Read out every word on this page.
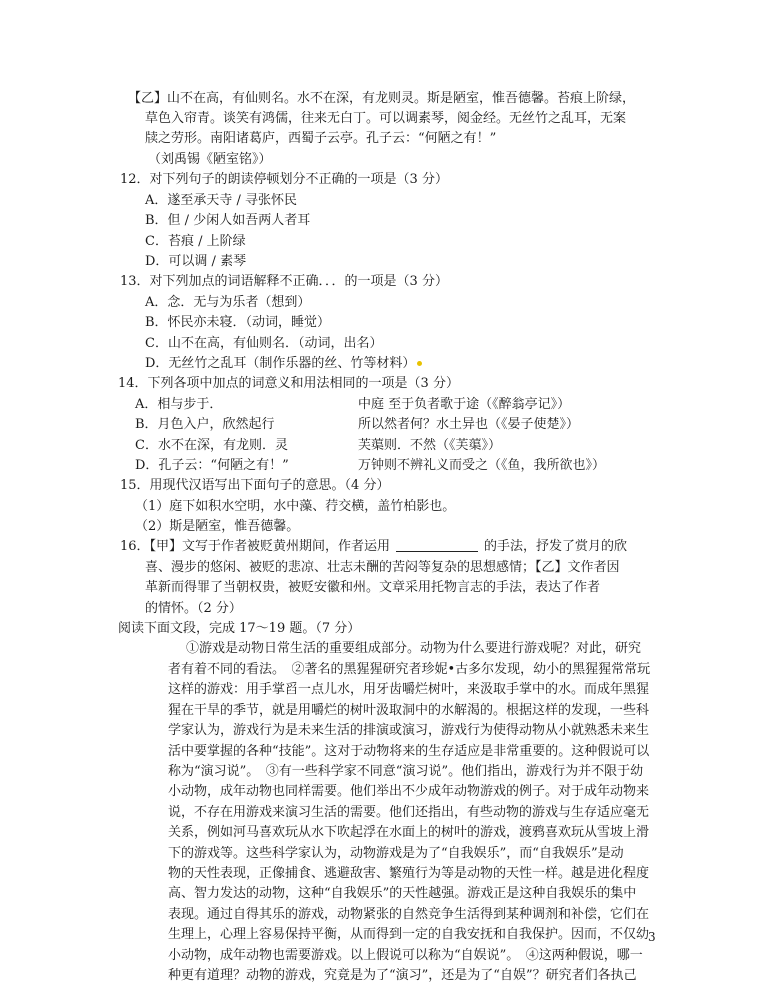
【乙】山不在高，有仙则名。水不在深，有龙则灵。斯是陋室，惟吾德馨。苔痕上阶绿，
草色入帘青。谈笑有鸿儒，往来无白丁。可以调素琴，阅金经。无丝竹之乱耳，无案
牍之劳形。南阳诸葛庐，西蜀子云亭。孔子云：“何陋之有！”
（刘禹锡《陋室铭》）
12．对下列句子的朗读停顿划分不正确的一项是（3 分）
A．遂至承天寺 / 寻张怀民
B．但 / 少闲人如吾两人者耳
C．苔痕 / 上阶绿
D．可以调 / 素琴
13．对下列加点的词语解释不正确．．．的一项是（3 分）
A．念．无与为乐者（想到）
B．怀民亦未寝．（动词，睡觉）
C．山不在高，有仙则名．（动词，出名）
D．无丝竹之乱耳（制作乐器的丝、竹等材料）
14．下列各项中加点的词意义和用法相同的一项是（3 分）
A．相与步于．	中庭 至于负者歌于途（《醉翁亭记》）
B．月色入户，欣然起行	所以然者何？水土异也（《晏子使楚》）
C．水不在深，有龙则．灵	芙蕖则．不然（《芙蕖》）
D．孔子云：“何陋之有！”	万钟则不辨礼义而受之（《鱼，我所欲也》）
15．用现代汉语写出下面句子的意思。（4 分）
（1）庭下如积水空明，水中藻、荇交横，盖竹柏影也。
（2）斯是陋室，惟吾德馨。
16．【甲】文写于作者被贬黄州期间，作者运用	的手法，抒发了赏月的欣
喜、漫步的悠闲、被贬的悲凉、壮志未酬的苦闷等复杂的思想感情；【乙】文作者因
革新而得罪了当朝权贵，被贬安徽和州。文章采用托物言志的手法，表达了作者
的情怀。（2 分）
阅读下面文段，完成 17～19 题。（7 分）
①游戏是动物日常生活的重要组成部分。动物为什么要进行游戏呢？对此，研究
者有着不同的看法。　②著名的黑猩猩研究者珍妮•古多尔发现，幼小的黑猩猩常常玩
这样的游戏：用手掌舀一点儿水，用牙齿嚼烂树叶，来汲取手掌中的水。而成年黑猩
猩在干旱的季节，就是用嚼烂的树叶汲取洞中的水解渴的。根据这样的发现，一些科
学家认为，游戏行为是未来生活的排演或演习，游戏行为使得动物从小就熟悉未来生
活中要掌握的各种“技能”。这对于动物将来的生存适应是非常重要的。这种假说可以
称为“演习说”。　③有一些科学家不同意“演习说”。他们指出，游戏行为并不限于幼
小动物，成年动物也同样需要。他们举出不少成年动物游戏的例子。对于成年动物来
说，不存在用游戏来演习生活的需要。他们还指出，有些动物的游戏与生存适应毫无
关系，例如河马喜欢玩从水下吹起浮在水面上的树叶的游戏，渡鸦喜欢玩从雪坡上滑
下的游戏等。这些科学家认为，动物游戏是为了“自我娱乐”，而“自我娱乐”是动
物的天性表现，正像捕食、逃避敌害、繁殖行为等是动物的天性一样。越是进化程度
高、智力发达的动物，这种“自我娱乐”的天性越强。游戏正是这种自我娱乐的集中
表现。通过自得其乐的游戏，动物紧张的自然竞争生活得到某种调剂和补偿，它们在
生理上，心理上容易保持平衡，从而得到一定的自我安抚和自我保护。因而，不仅幼
小动物，成年动物也需要游戏。以上假说可以称为“自娱说”。　④这两种假说，哪一
种更有道理？动物的游戏，究竟是为了“演习”，还是为了“自娱”？研究者们各执己
3
